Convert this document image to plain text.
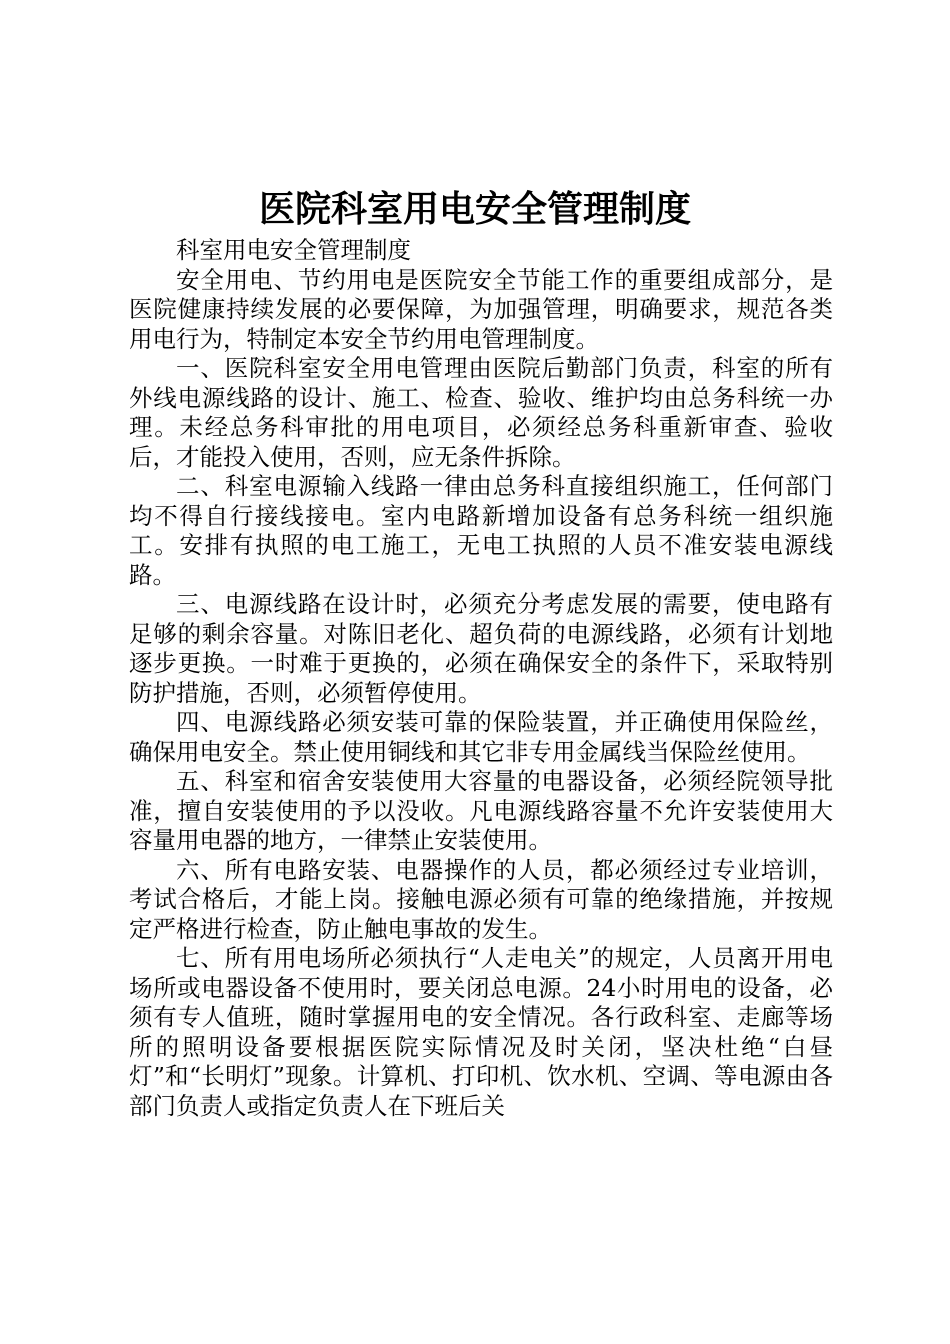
医院科室用电安全管理制度

科室用电安全管理制度

安全用电、节约用电是医院安全节能工作的重要组成部分，是医院健康持续发展的必要保障，为加强管理，明确要求，规范各类用电行为，特制定本安全节约用电管理制度。

一、医院科室安全用电管理由医院后勤部门负责，科室的所有外线电源线路的设计、施工、检查、验收、维护均由总务科统一办理。未经总务科审批的用电项目，必须经总务科重新审查、验收后，才能投入使用，否则，应无条件拆除。

二、科室电源输入线路一律由总务科直接组织施工，任何部门均不得自行接线接电。室内电路新增加设备有总务科统一组织施工。安排有执照的电工施工，无电工执照的人员不准安装电源线路。

三、电源线路在设计时，必须充分考虑发展的需要，使电路有足够的剩余容量。对陈旧老化、超负荷的电源线路，必须有计划地逐步更换。一时难于更换的，必须在确保安全的条件下，采取特别防护措施，否则，必须暂停使用。

四、电源线路必须安装可靠的保险装置，并正确使用保险丝，确保用电安全。禁止使用铜线和其它非专用金属线当保险丝使用。

五、科室和宿舍安装使用大容量的电器设备，必须经院领导批准，擅自安装使用的予以没收。凡电源线路容量不允许安装使用大容量用电器的地方，一律禁止安装使用。

六、所有电路安装、电器操作的人员，都必须经过专业培训，考试合格后，才能上岗。接触电源必须有可靠的绝缘措施，并按规定严格进行检查，防止触电事故的发生。

七、所有用电场所必须执行“人走电关”的规定，人员离开用电场所或电器设备不使用时，要关闭总电源。24小时用电的设备，必须有专人值班，随时掌握用电的安全情况。各行政科室、走廊等场所的照明设备要根据医院实际情况及时关闭，坚决杜绝“白昼灯”和“长明灯”现象。计算机、打印机、饮水机、空调、等电源由各部门负责人或指定负责人在下班后关
